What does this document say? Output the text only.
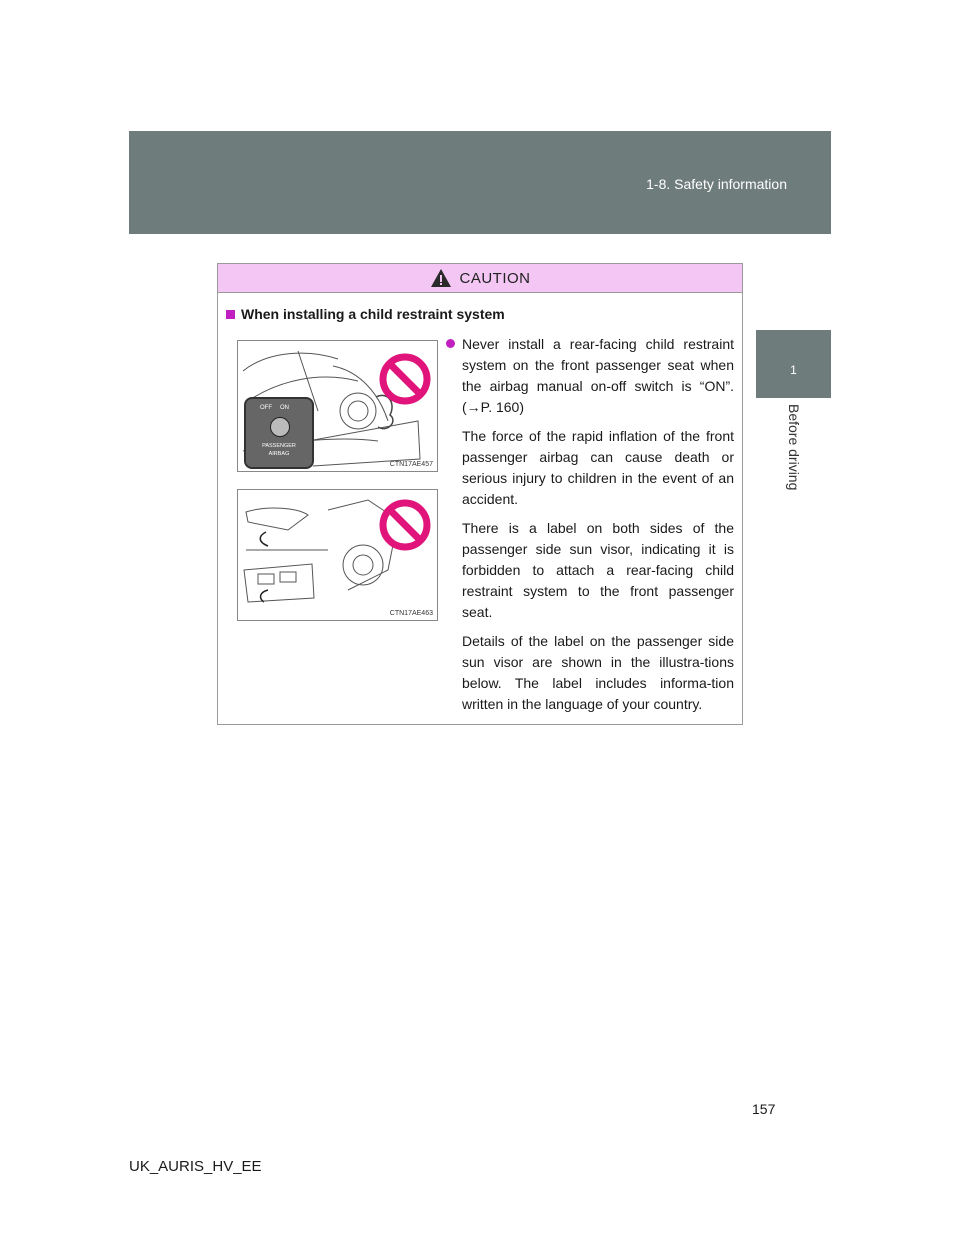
1-8. Safety information
1
Before driving
CAUTION
When installing a child restraint system
OFF ON
PASSENGER
AIRBAG
CTN17AE457
CTN17AE463

Never install a rear-facing child restraint system on the front passenger seat when the airbag manual on-off switch is “ON”. (→P. 160)

The force of the rapid inflation of the front passenger airbag can cause death or serious injury to children in the event of an accident.

There is a label on both sides of the passenger side sun visor, indicating it is forbidden to attach a rear-facing child restraint system to the front passenger seat.

Details of the label on the passenger side sun visor are shown in the illustra-tions below. The label includes informa-tion written in the language of your country.

157
UK_AURIS_HV_EE
